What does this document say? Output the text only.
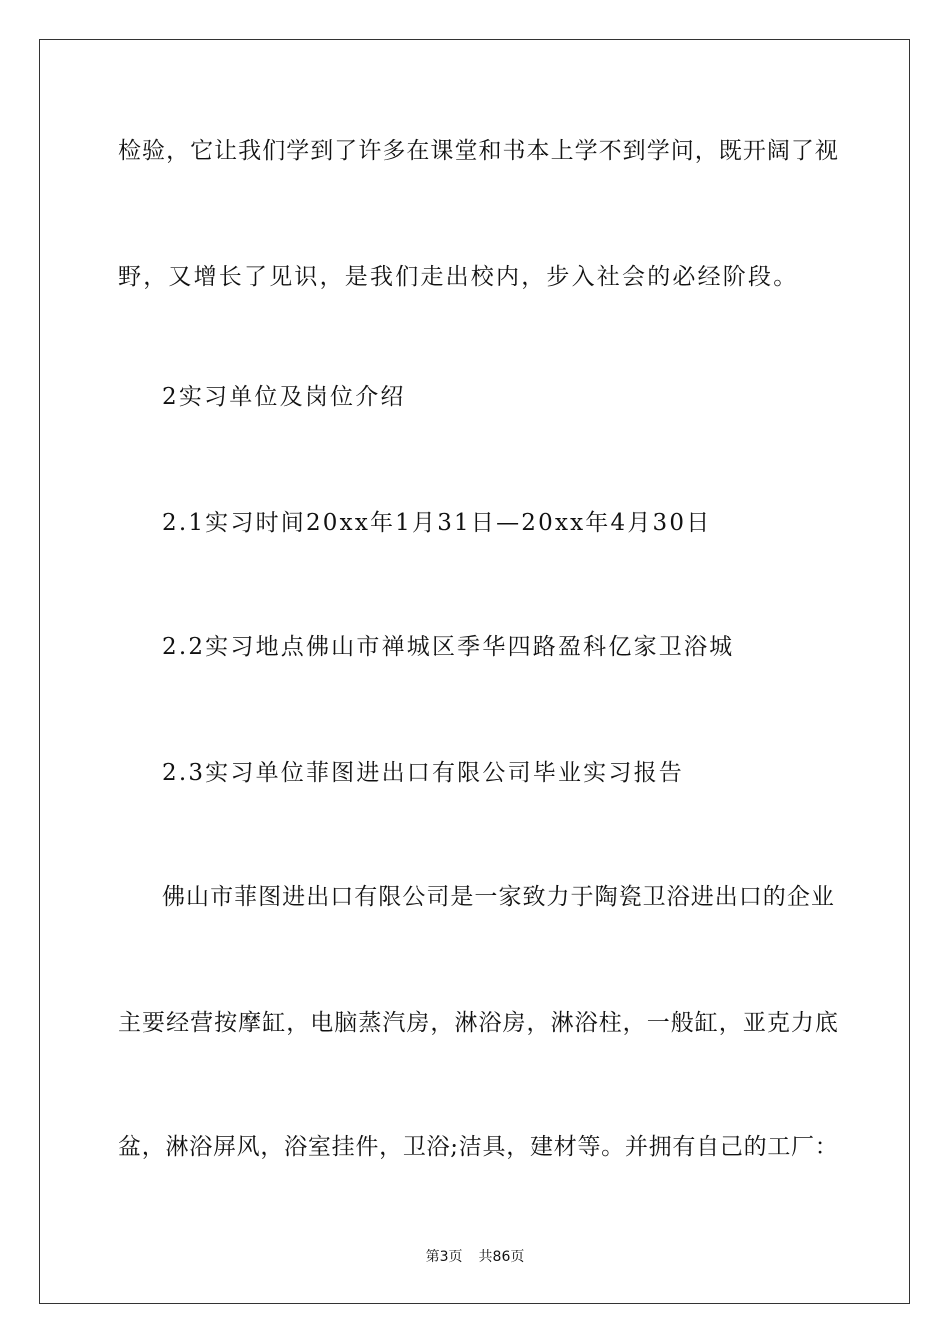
检 验 ， 它 让 我 们 学 到 了 许 多 在 课 堂 和 书 本 上 学 不 到 学 问 ， 既 开 阔 了 视
野，又增长了见识，是我们走出校内，步入社会的必经阶段。
2实习单位及岗位介绍
2.1实习时间20xx年1月31日—20xx年4月30日
2.2实习地点佛山市禅城区季华四路盈科亿家卫浴城
2.3实习单位菲图进出口有限公司毕业实习报告
佛 山 市 菲 图 进 出 口 有 限 公 司 是 一 家 致 力 于 陶 瓷 卫 浴 进 出 口 的 企 业
主 要 经 营 按 摩 缸 ， 电 脑 蒸 汽 房 ， 淋 浴 房 ， 淋 浴 柱 ， 一 般 缸 ， 亚 克 力 底
盆 ， 淋 浴 屏 风 ， 浴 室 挂 件 ， 卫 浴 ; 洁 具 ， 建 材 等 。 并 拥 有 自 己 的 工 厂 ：
第3页 共86页
